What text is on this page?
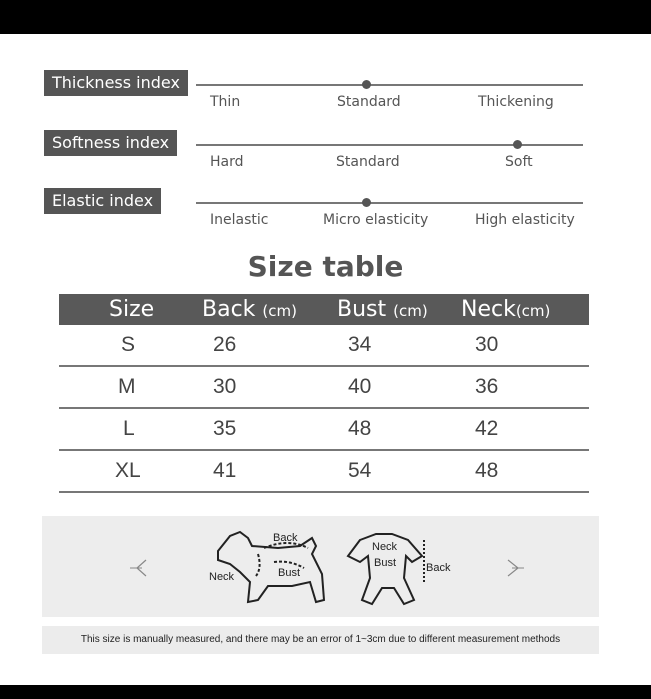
Thickness index
Thin	Standard	Thickening
Softness index
Hard	Standard	Soft
Elastic index
Inelastic	Micro elasticity	High elasticity
Size table
Size Back (cm) Bust (cm) Neck(cm)
S	26	34	30
M	30	40	36
L	35	48	42
XL	41	54	48
Back
Neck	Bust
Neck
Bust	Back
This size is manually measured, and there may be an error of 1~3cm due to different measurement methods
